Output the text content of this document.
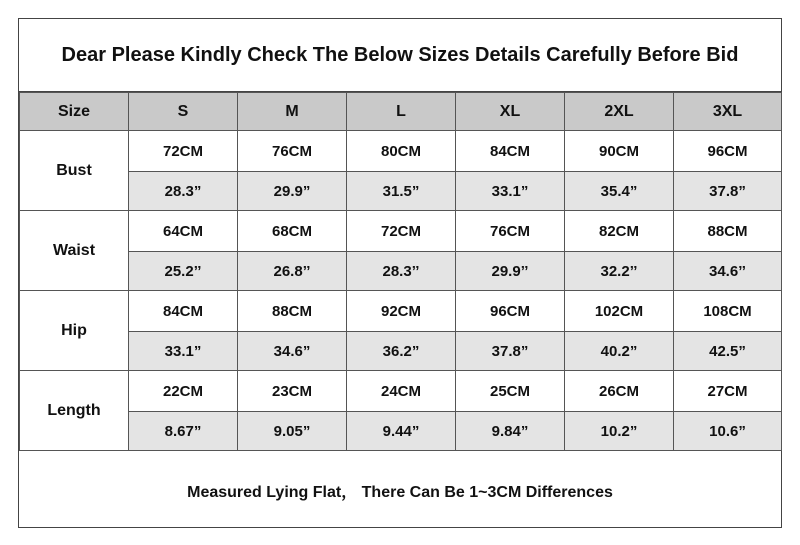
Dear Please Kindly Check The Below Sizes Details Carefully Before Bid
Size	S	M	L	XL	2XL	3XL
Bust	72CM	76CM	80CM	84CM	90CM	96CM
	28.3”	29.9”	31.5”	33.1”	35.4”	37.8”
Waist	64CM	68CM	72CM	76CM	82CM	88CM
	25.2’’	26.8’’	28.3’’	29.9’’	32.2’’	34.6’’
Hip	84CM	88CM	92CM	96CM	102CM	108CM
	33.1”	34.6”	36.2”	37.8”	40.2”	42.5”
Length	22CM	23CM	24CM	25CM	26CM	27CM
	8.67”	9.05”	9.44”	9.84”	10.2”	10.6”
Measured Lying Flat， There Can Be 1~3CM Differences
